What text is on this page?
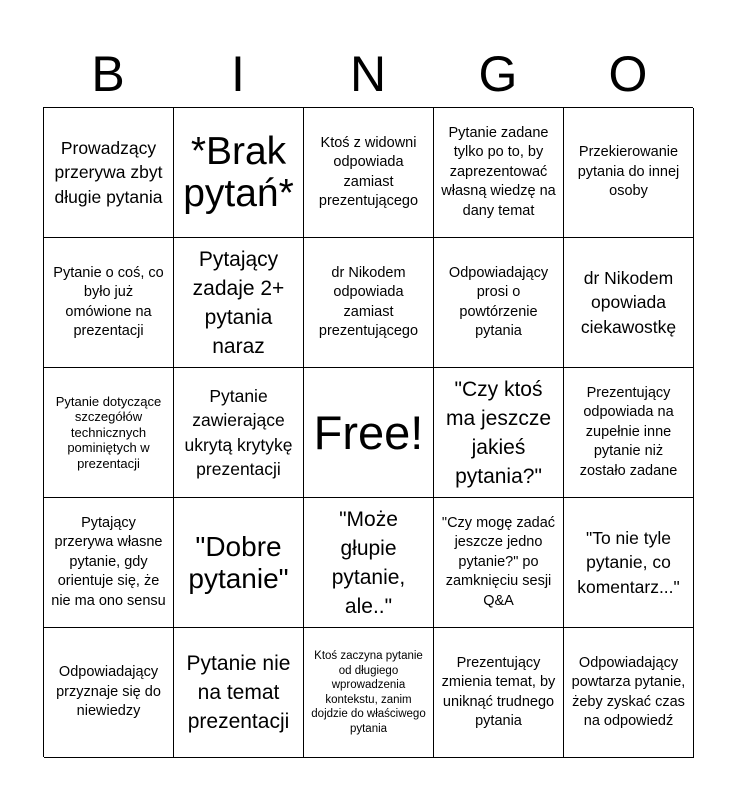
B	I	N	G	O
Prowadzący przerywa zbyt długie pytania
*Brak pytań*
Ktoś z widowni odpowiada zamiast prezentującego
Pytanie zadane tylko po to, by zaprezentować własną wiedzę na dany temat
Przekierowanie pytania do innej osoby
Pytanie o coś, co było już omówione na prezentacji
Pytający zadaje 2+ pytania naraz
dr Nikodem odpowiada zamiast prezentującego
Odpowiadający prosi o powtórzenie pytania
dr Nikodem opowiada ciekawostkę
Pytanie dotyczące szczegółów technicznych pominiętych w prezentacji
Pytanie zawierające ukrytą krytykę prezentacji
Free!
"Czy ktoś ma jeszcze jakieś pytania?"
Prezentujący odpowiada na zupełnie inne pytanie niż zostało zadane
Pytający przerywa własne pytanie, gdy orientuje się, że nie ma ono sensu
"Dobre pytanie"
"Może głupie pytanie, ale.."
"Czy mogę zadać jeszcze jedno pytanie?" po zamknięciu sesji Q&A
"To nie tyle pytanie, co komentarz..."
Odpowiadający przyznaje się do niewiedzy
Pytanie nie na temat prezentacji
Ktoś zaczyna pytanie od długiego wprowadzenia kontekstu, zanim dojdzie do właściwego pytania
Prezentujący zmienia temat, by uniknąć trudnego pytania
Odpowiadający powtarza pytanie, żeby zyskać czas na odpowiedź
